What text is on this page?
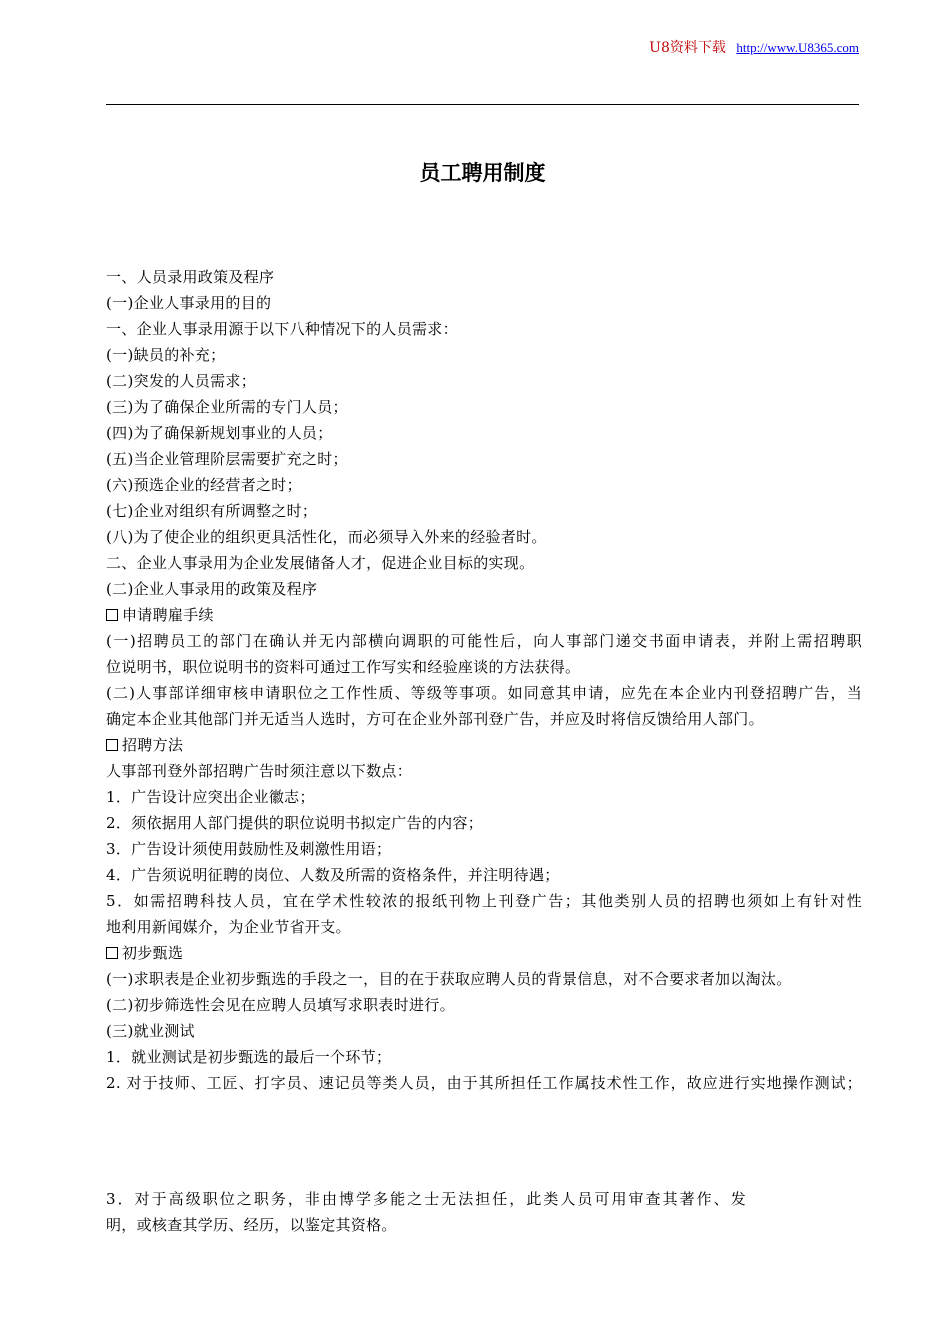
U8资料下载 http://www.U8365.com
员工聘用制度
一、人员录用政策及程序
(一)企业人事录用的目的
一、企业人事录用源于以下八种情况下的人员需求：
(一)缺员的补充；
(二)突发的人员需求；
(三)为了确保企业所需的专门人员；
(四)为了确保新规划事业的人员；
(五)当企业管理阶层需要扩充之时；
(六)预选企业的经营者之时；
(七)企业对组织有所调整之时；
(八)为了使企业的组织更具活性化，而必须导入外来的经验者时。
二、企业人事录用为企业发展储备人才，促进企业目标的实现。
(二)企业人事录用的政策及程序
申请聘雇手续
(一)招聘员工的部门在确认并无内部横向调职的可能性后，向人事部门递交书面申请表，并附上需招聘职
位说明书，职位说明书的资料可通过工作写实和经验座谈的方法获得。
(二)人事部详细审核申请职位之工作性质、等级等事项。如同意其申请，应先在本企业内刊登招聘广告，当
确定本企业其他部门并无适当人选时，方可在企业外部刊登广告，并应及时将信反馈给用人部门。
招聘方法
人事部刊登外部招聘广告时须注意以下数点：
1．广告设计应突出企业徽志；
2．须依据用人部门提供的职位说明书拟定广告的内容；
3．广告设计须使用鼓励性及刺激性用语；
4．广告须说明征聘的岗位、人数及所需的资格条件，并注明待遇；
5．如需招聘科技人员，宜在学术性较浓的报纸刊物上刊登广告；其他类别人员的招聘也须如上有针对性
地利用新闻媒介，为企业节省开支。
初步甄选
(一)求职表是企业初步甄选的手段之一，目的在于获取应聘人员的背景信息，对不合要求者加以淘汰。
(二)初步筛选性会见在应聘人员填写求职表时进行。
(三)就业测试
1．就业测试是初步甄选的最后一个环节；
2. 对于技师、工匠、打字员、速记员等类人员，由于其所担任工作属技术性工作，故应进行实地操作测试；
3．对于高级职位之职务，非由博学多能之士无法担任，此类人员可用审查其著作、发
明，或核查其学历、经历，以鉴定其资格。
